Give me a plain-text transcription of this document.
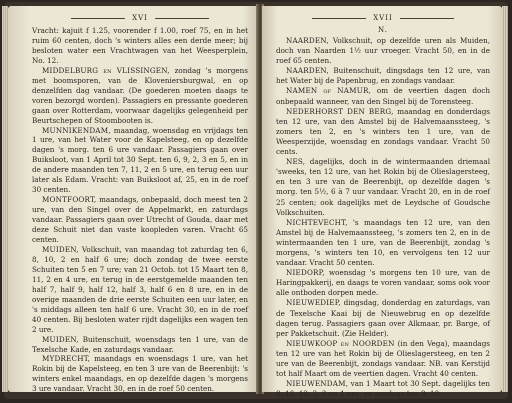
XVI

Vracht: kajuit f 1.25, voorender f 1.00, roef 75, en in het ruim 60 centen, doch 's winters alles een derde meer; bij besloten water een Vrachtwagen van het Weesperplein, No. 12.

MIDDELBURG en VLISSINGEN, zondag 's morgens met boomsporen, van de Kloveniersburgwal, en op denzelfden dag vandaar. (De goederen moeten daags te voren bezorgd worden). Passagiers en pressante goederen gaan over Rotterdam, voorwaar dagelijks gelegenheid per Beurtschepen of Stoombooten is.

MUNNIKENDAM, maandag, woensdag en vrijdags ten 1 ure, van het Water voor de Kapelsteeg, en op dezelfde dagen 's morg. ten 6 ure vandaar. Passagiers gaan over Buiksloot, van 1 April tot 30 Sept. ten 6, 9, 2, 3 en 5, en in de andere maanden ten 7, 11, 2 en 5 ure, en terug een uur later als Edam. Vracht: van Buiksloot af, 25, en in de roef 30 centen.

MONTFOORT, maandags, onbepaald, doch meest ten 2 ure, van den Singel over de Appelmarkt, en zaturdags vandaar. Passagiers gaan over Utrecht of Gouda, daar met deze Schuit niet dan vaste koopleden varen. Vracht 65 centen.

MUIDEN, Volkschuit, van maandag tot zaturdag ten 6, 8, 10, 2 en half 6 ure; doch zondag de twee eerste Schuiten ten 5 en 7 ure; van 21 Octob. tot 15 Maart ten 8, 11, 2 en 4 ure, en terug in de eerstgemelde maanden ten half 7, half 9, half 12, half 3, half 6 en 8 ure, en in de overige maanden de drie eerste Schuiten een uur later, en 's middags alleen ten half 6 ure. Vracht 30, en in de roef 40 centen. Bij besloten water rijdt dagelijks een wagen ten 2 ure.

MUIDEN, Buitenschuit, woensdags ten 1 ure, van de Texelsche Kade, en zaturdags vandaar.

MYDRECHT, maandags en woensdags 1 ure, van het Rokin bij de Kapelsteeg, en ten 3 ure van de Beerenbijt: 's winters enkel maandags, en op dezelfde dagen 's morgens 3 ure vandaar. Vracht 30, en in de roef 50 centen.

XVII
N.

NAARDEN, Volkschuit, op dezelfde uren als Muiden, doch van Naarden 1½ uur vroeger. Vracht 50, en in de roef 65 centen.

NAARDEN, Buitenschuit, dingsdags ten 12 ure, van het Water bij de Papenbrug, en zondags vandaar.

NAMEN of NAMUR, om de veertien dagen doch onbepaald wanneer, van den Singel bij de Torensteeg.

NEDERHORST DEN BERG, maandag en donderdags ten 12 ure, van den Amstel bij de Halvemaanssteeg, 's zomers ten 2, en 's winters ten 1 ure, van de Weesperzijde, woensdag en zondags vandaar. Vracht 50 cents.

NES, dagelijks, doch in de wintermaanden driemaal 'sweeks, ten 12 ure, van het Rokin bij de Olieslagersteeg, en ten 3 ure van de Beerenbijt, op dezelfde dagen 's morg. ten 5½, 6 à 7 uur vandaar. Vracht 20, en in de roef 25 centen; ook dagelijks met de Leydsche of Goudsche Volkschuiten.

NICHTEVECHT, 's maandags ten 12 ure, van den Amstel bij de Halvemaanssteeg, 's zomers ten 2, en in de wintermaanden ten 1 ure, van de Beerenbijt, zondag 's morgens, 's winters ten 10, en vervolgens ten 12 uur vandaar. Vracht 50 centen.

NIEDORP, woensdag 's morgens ten 10 ure, van de Haringpakkerij, en daags te voren vandaar, soms ook voor alle ontboden dorpen mede.

NIEUWEDIEP, dingsdag, donderdag en zaturdags, van de Texelsche Kaai bij de Nieuwebrug en op dezelfde dagen terug. Passagiers gaan over Alkmaar, pr. Barge, of per Pakketschuit. (Zie Helder).

NIEUWKOOP en NOORDEN (in den Vega), maandags ten 12 ure van het Rokin bij de Olieslagersteeg, en ten 2 ure van de Beerenbijt, zondags vandaar. NB. van Kerstijd tot half Maart om de veertien dagen. Vracht 40 centen.

NIEUWENDAM, van 1 Maart tot 30 Sept. dagelijks ten 8, 10, 12, 2, 3 en 4 ure, en zondags ten 9, 10,
